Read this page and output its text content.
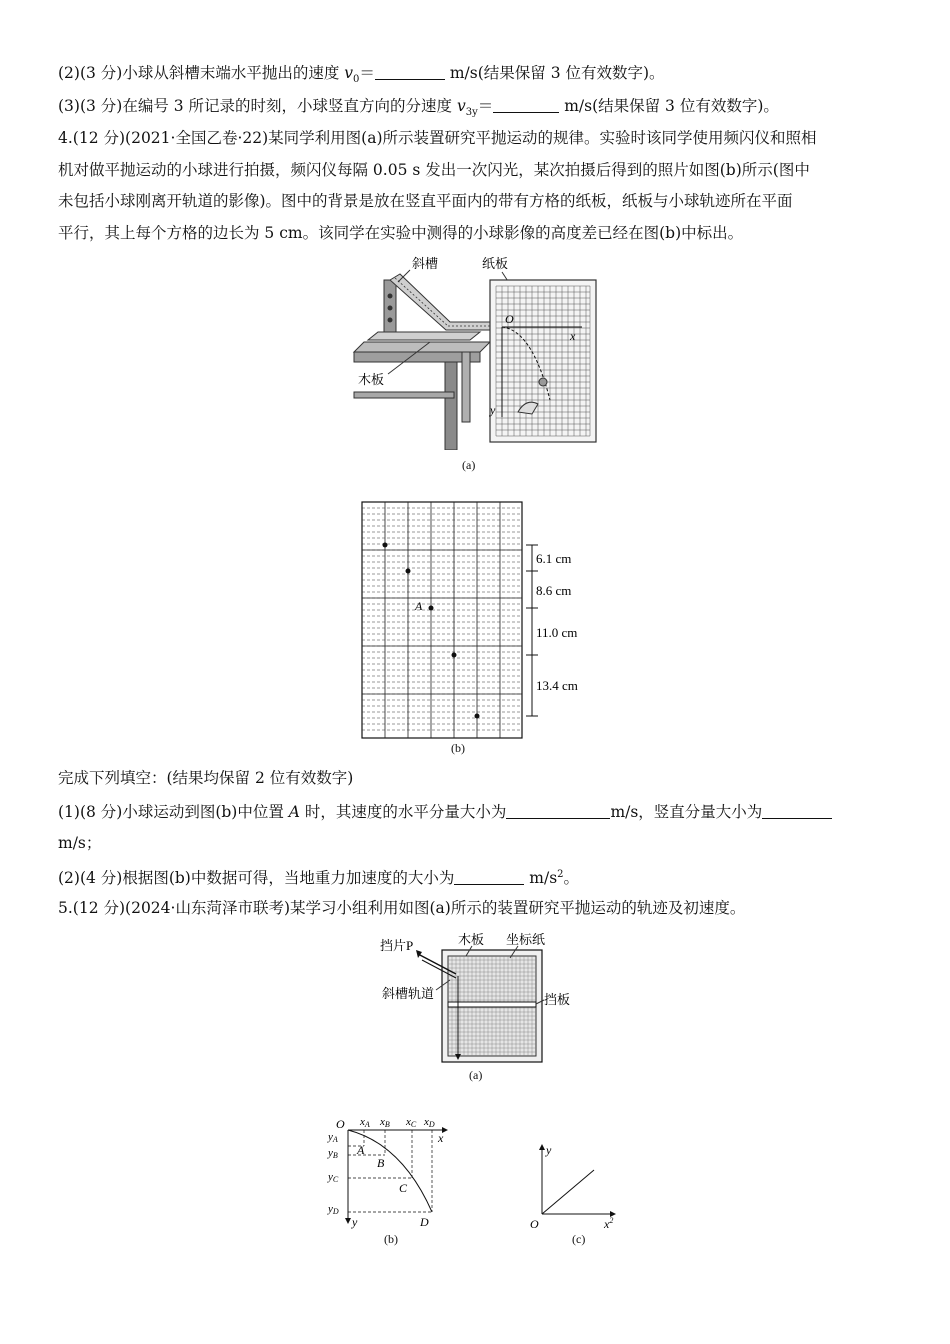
(2)(3 分)小球从斜槽末端水平抛出的速度 $v_0=$	m/s(结果保留 3 位有效数字)。
(3)(3 分)在编号 3 所记录的时刻，小球竖直方向的分速度 $v_{3y}=$	m/s(结果保留 3 位有效数字)。
4.(12 分)(2021·全国乙卷·22)某同学利用图(a)所示装置研究平抛运动的规律。实验时该同学使用频闪仪和照相
机对做平抛运动的小球进行拍摄，频闪仪每隔 0.05 s 发出一次闪光，某次拍摄后得到的照片如图(b)所示(图中
未包括小球刚离开轨道的影像)。图中的背景是放在竖直平面内的带有方格的纸板，纸板与小球轨迹所在平面
平行，其上每个方格的边长为 5 cm。该同学在实验中测得的小球影像的高度差已经在图(b)中标出。
斜槽	纸板
木板
O
x
y
(a)
A
6.1 cm
8.6 cm
11.0 cm
13.4 cm
(b)
完成下列填空：(结果均保留 2 位有效数字)
(1)(8 分)小球运动到图(b)中位置 A 时，其速度的水平分量大小为	m/s，竖直分量大小为
m/s；
(2)(4 分)根据图(b)中数据可得，当地重力加速度的大小为	$m/s^2$。
5.(12 分)(2024·山东菏泽市联考)某学习小组利用如图(a)所示的装置研究平抛运动的轨迹及初速度。
挡片P	木板 坐标纸
斜槽轨道	挡板
(a)
O
x
y
xA xB xC xD
yA
yB
yC
yD
A
B
C
D
(b)
O
y
$x^2$
(c)
